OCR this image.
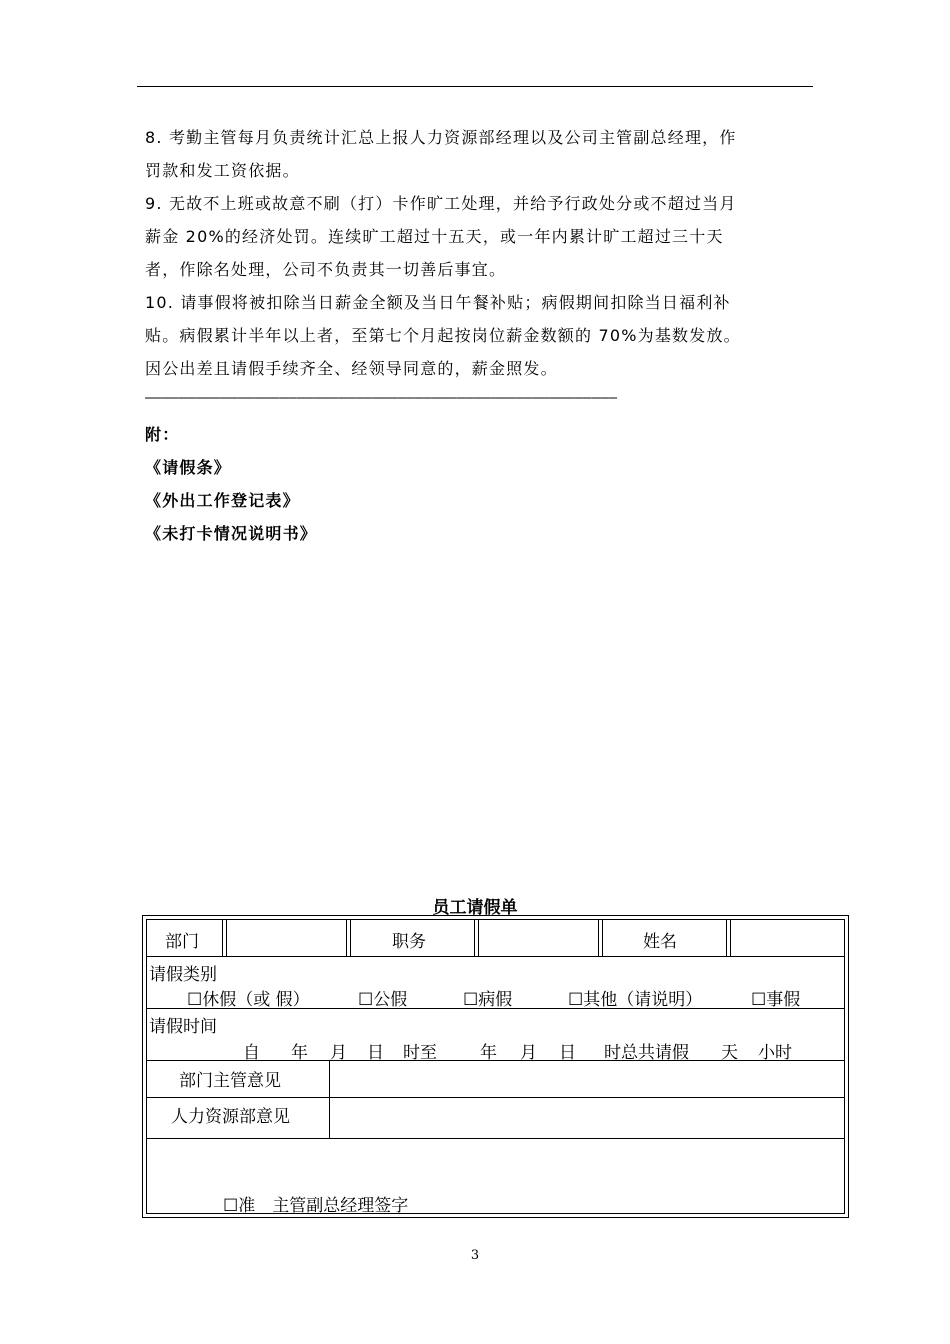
8. 考勤主管每月负责统计汇总上报人力资源部经理以及公司主管副总经理，作
罚款和发工资依据。
9. 无故不上班或故意不刷（打）卡作旷工处理，并给予行政处分或不超过当月
薪金 20%的经济处罚。连续旷工超过十五天，或一年内累计旷工超过三十天
者，作除名处理，公司不负责其一切善后事宜。
10. 请事假将被扣除当日薪金全额及当日午餐补贴；病假期间扣除当日福利补
贴。病假累计半年以上者，至第七个月起按岗位薪金数额的 70%为基数发放。
因公出差且请假手续齐全、经领导同意的，薪金照发。
————————————————————————————————————————————————————————
附：
《请假条》
《外出工作登记表》
《未打卡情况说明书》
员工请假单
部门	职务	姓名
请假类别
☐休假（或 假）	☐公假	☐病假	☐其他（请说明）	☐事假
请假时间
自 年 月 日 时至	年 月 日 时总共请假 天 小时
部门主管意见
人力资源部意见
☐准　主管副总经理签字
3
